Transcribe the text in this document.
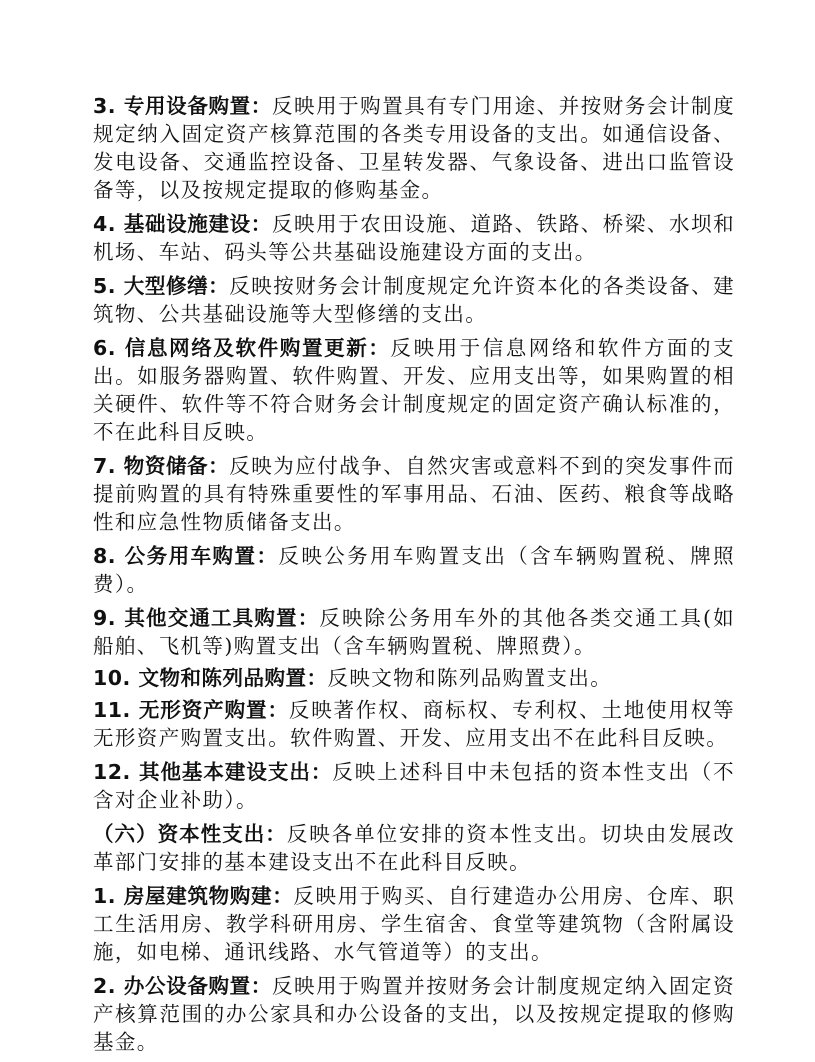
3. 专用设备购置：反映用于购置具有专门用途、并按财务会计制度规定纳入固定资产核算范围的各类专用设备的支出。如通信设备、发电设备、交通监控设备、卫星转发器、气象设备、进出口监管设备等，以及按规定提取的修购基金。

4. 基础设施建设：反映用于农田设施、道路、铁路、桥梁、水坝和机场、车站、码头等公共基础设施建设方面的支出。

5. 大型修缮：反映按财务会计制度规定允许资本化的各类设备、建筑物、公共基础设施等大型修缮的支出。

6. 信息网络及软件购置更新：反映用于信息网络和软件方面的支出。如服务器购置、软件购置、开发、应用支出等，如果购置的相关硬件、软件等不符合财务会计制度规定的固定资产确认标准的，不在此科目反映。

7. 物资储备：反映为应付战争、自然灾害或意料不到的突发事件而提前购置的具有特殊重要性的军事用品、石油、医药、粮食等战略性和应急性物质储备支出。

8. 公务用车购置：反映公务用车购置支出（含车辆购置税、牌照费）。

9. 其他交通工具购置：反映除公务用车外的其他各类交通工具(如船舶、飞机等)购置支出（含车辆购置税、牌照费）。

10. 文物和陈列品购置：反映文物和陈列品购置支出。

11. 无形资产购置：反映著作权、商标权、专利权、土地使用权等无形资产购置支出。软件购置、开发、应用支出不在此科目反映。

12. 其他基本建设支出：反映上述科目中未包括的资本性支出（不含对企业补助）。

（六）资本性支出：反映各单位安排的资本性支出。切块由发展改革部门安排的基本建设支出不在此科目反映。

1. 房屋建筑物购建：反映用于购买、自行建造办公用房、仓库、职工生活用房、教学科研用房、学生宿舍、食堂等建筑物（含附属设施，如电梯、通讯线路、水气管道等）的支出。

2. 办公设备购置：反映用于购置并按财务会计制度规定纳入固定资产核算范围的办公家具和办公设备的支出，以及按规定提取的修购基金。
